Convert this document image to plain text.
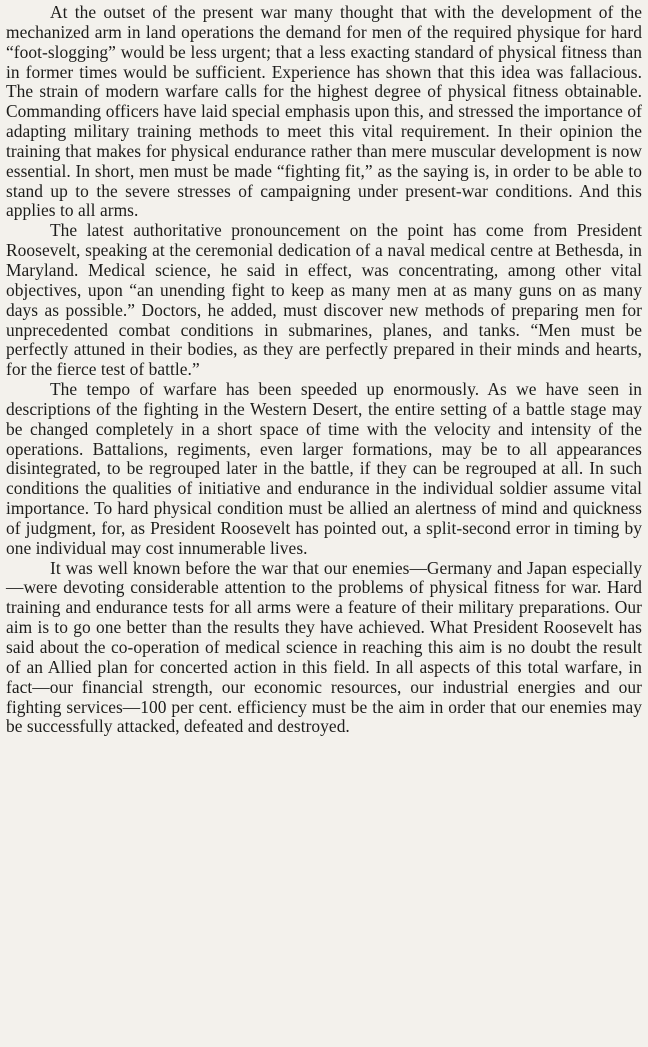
At the outset of the present war many thought that with the development of the mechanized arm in land operations the demand for men of the required physique for hard “foot-slogging” would be less urgent; that a less exacting standard of physical fitness than in former times would be sufficient. Experience has shown that this idea was fallacious. The strain of modern warfare calls for the highest degree of physical fitness obtainable. Commanding officers have laid special emphasis upon this, and stressed the importance of adapting military training methods to meet this vital requirement. In their opinion the training that makes for physical endurance rather than mere muscular development is now essential. In short, men must be made “fighting fit,” as the saying is, in order to be able to stand up to the severe stresses of campaigning under present-war conditions. And this applies to all arms.

The latest authoritative pronouncement on the point has come from President Roosevelt, speaking at the ceremonial dedication of a naval medical centre at Bethesda, in Maryland. Medical science, he said in effect, was concentrating, among other vital objectives, upon “an unending fight to keep as many men at as many guns on as many days as possible.” Doctors, he added, must discover new methods of preparing men for unprecedented combat conditions in submarines, planes, and tanks. “Men must be perfectly attuned in their bodies, as they are perfectly prepared in their minds and hearts, for the fierce test of battle.”

The tempo of warfare has been speeded up enormously. As we have seen in descriptions of the fighting in the Western Desert, the entire setting of a battle stage may be changed completely in a short space of time with the velocity and intensity of the operations. Battalions, regiments, even larger formations, may be to all appearances disintegrated, to be regrouped later in the battle, if they can be regrouped at all. In such conditions the qualities of initiative and endurance in the individual soldier assume vital importance. To hard physical condition must be allied an alertness of mind and quickness of judgment, for, as President Roosevelt has pointed out, a split-second error in timing by one individual may cost innumerable lives.

It was well known before the war that our enemies—Germany and Japan especially—were devoting considerable attention to the problems of physical fitness for war. Hard training and endurance tests for all arms were a feature of their military preparations. Our aim is to go one better than the results they have achieved. What President Roosevelt has said about the co-operation of medical science in reaching this aim is no doubt the result of an Allied plan for concerted action in this field. In all aspects of this total warfare, in fact—our financial strength, our economic resources, our industrial energies and our fighting services—100 per cent. efficiency must be the aim in order that our enemies may be successfully attacked, defeated and destroyed.
